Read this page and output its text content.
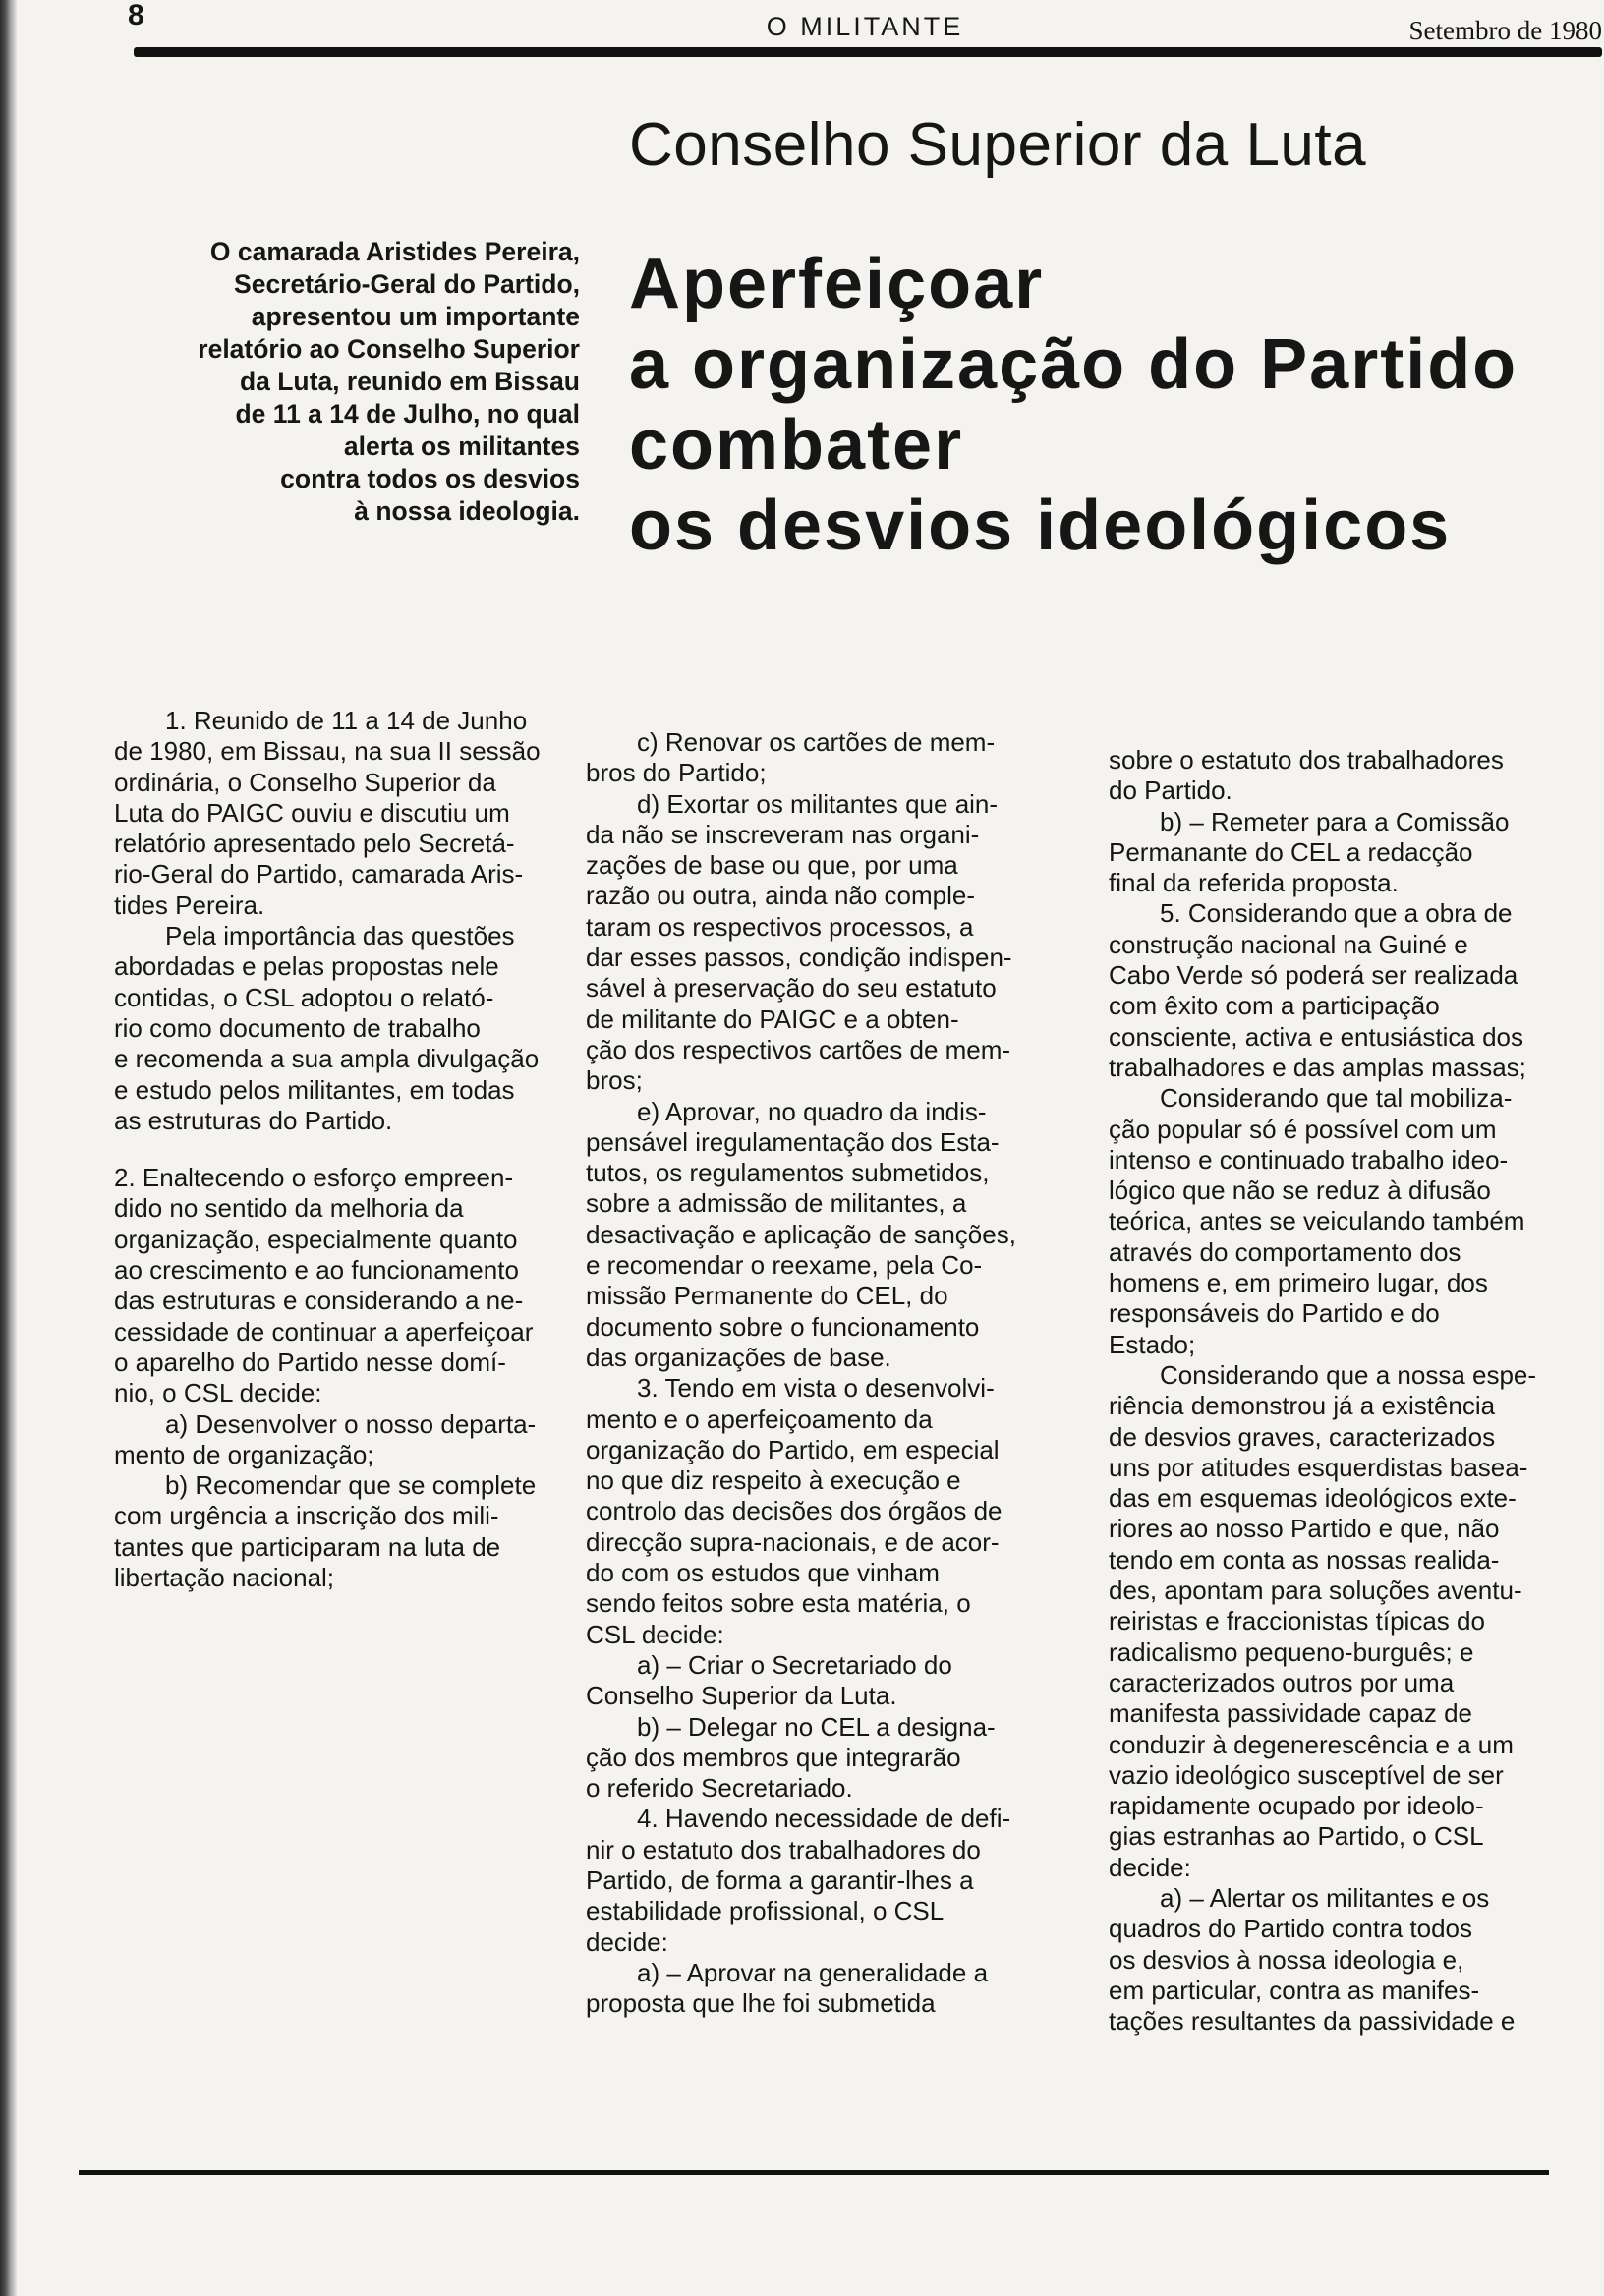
8	O MILITANTE	Setembro de 1980
Conselho Superior da Luta
O camarada Aristides Pereira,
Secretário-Geral do Partido,
apresentou um importante
relatório ao Conselho Superior
da Luta, reunido em Bissau
de 11 a 14 de Julho, no qual
alerta os militantes
contra todos os desvios
à nossa ideologia.
Aperfeiçoar
a organização do Partido
combater
os desvios ideológicos
  1. Reunido de 11 a 14 de Junho
de 1980, em Bissau, na sua II sessão
ordinária, o Conselho Superior da
Luta do PAIGC ouviu e discutiu um
relatório apresentado pelo Secretá-
rio-Geral do Partido, camarada Aris-
tides Pereira.
  Pela importância das questões
abordadas e pelas propostas nele
contidas, o CSL adoptou o relató-
rio como documento de trabalho
e recomenda a sua ampla divulgação
e estudo pelos militantes, em todas
as estruturas do Partido.
2. Enaltecendo o esforço empreen-
dido no sentido da melhoria da
organização, especialmente quanto
ao crescimento e ao funcionamento
das estruturas e considerando a ne-
cessidade de continuar a aperfeiçoar
o aparelho do Partido nesse domí-
nio, o CSL decide:
  a) Desenvolver o nosso departa-
mento de organização;
  b) Recomendar que se complete
com urgência a inscrição dos mili-
tantes que participaram na luta de
libertação nacional;
  c) Renovar os cartões de mem-
bros do Partido;
  d) Exortar os militantes que ain-
da não se inscreveram nas organi-
zações de base ou que, por uma
razão ou outra, ainda não comple-
taram os respectivos processos, a
dar esses passos, condição indispen-
sável à preservação do seu estatuto
de militante do PAIGC e a obten-
ção dos respectivos cartões de mem-
bros;
  e) Aprovar, no quadro da indis-
pensável iregulamentação dos Esta-
tutos, os regulamentos submetidos,
sobre a admissão de militantes, a
desactivação e aplicação de sanções,
e recomendar o reexame, pela Co-
missão Permanente do CEL, do
documento sobre o funcionamento
das organizações de base.
  3. Tendo em vista o desenvolvi-
mento e o aperfeiçoamento da
organização do Partido, em especial
no que diz respeito à execução e
controlo das decisões dos órgãos de
direcção supra-nacionais, e de acor-
do com os estudos que vinham
sendo feitos sobre esta matéria, o
CSL decide:
  a) – Criar o Secretariado do
Conselho Superior da Luta.
  b) – Delegar no CEL a designa-
ção dos membros que integrarão
o referido Secretariado.
  4. Havendo necessidade de defi-
nir o estatuto dos trabalhadores do
Partido, de forma a garantir-lhes a
estabilidade profissional, o CSL
decide:
  a) – Aprovar na generalidade a
proposta que lhe foi submetida
sobre o estatuto dos trabalhadores
do Partido.
  b) – Remeter para a Comissão
Permanante do CEL a redacção
final da referida proposta.
  5. Considerando que a obra de
construção nacional na Guiné e
Cabo Verde só poderá ser realizada
com êxito com a participação
consciente, activa e entusiástica dos
trabalhadores e das amplas massas;
  Considerando que tal mobiliza-
ção popular só é possível com um
intenso e continuado trabalho ideo-
lógico que não se reduz à difusão
teórica, antes se veiculando também
através do comportamento dos
homens e, em primeiro lugar, dos
responsáveis do Partido e do
Estado;
  Considerando que a nossa espe-
riência demonstrou já a existência
de desvios graves, caracterizados
uns por atitudes esquerdistas basea-
das em esquemas ideológicos exte-
riores ao nosso Partido e que, não
tendo em conta as nossas realida-
des, apontam para soluções aventu-
reiristas e fraccionistas típicas do
radicalismo pequeno-burguês; e
caracterizados outros por uma
manifesta passividade capaz de
conduzir à degenerescência e a um
vazio ideológico susceptível de ser
rapidamente ocupado por ideolo-
gias estranhas ao Partido, o CSL
decide:
  a) – Alertar os militantes e os
quadros do Partido contra todos
os desvios à nossa ideologia e,
em particular, contra as manifes-
tações resultantes da passividade e
